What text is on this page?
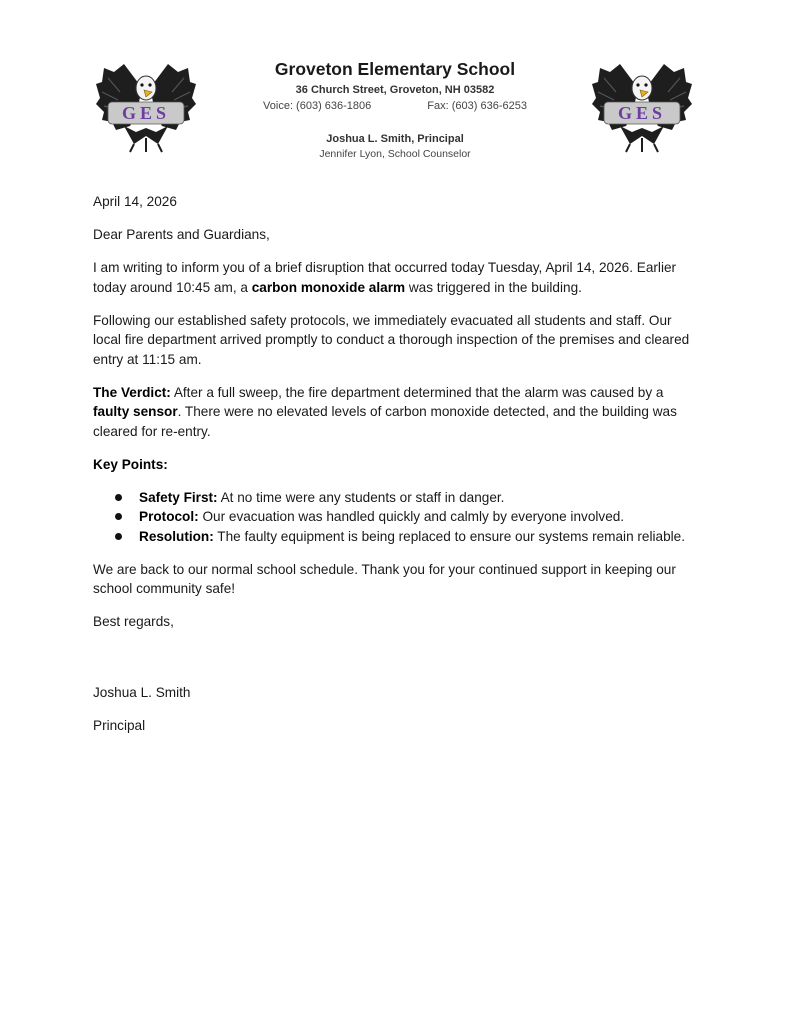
GES
Groveton Elementary School
36 Church Street, Groveton, NH 03582
Voice: (603) 636-1806	Fax: (603) 636-6253
Joshua L. Smith, Principal
Jennifer Lyon, School Counselor
GES

April 14, 2026

Dear Parents and Guardians,

I am writing to inform you of a brief disruption that occurred today Tuesday, April 14, 2026. Earlier today around 10:45 am, a carbon monoxide alarm was triggered in the building.

Following our established safety protocols, we immediately evacuated all students and staff. Our local fire department arrived promptly to conduct a thorough inspection of the premises and cleared entry at 11:15 am.

The Verdict: After a full sweep, the fire department determined that the alarm was caused by a faulty sensor. There were no elevated levels of carbon monoxide detected, and the building was cleared for re-entry.

Key Points:

Safety First: At no time were any students or staff in danger.
Protocol: Our evacuation was handled quickly and calmly by everyone involved.
Resolution: The faulty equipment is being replaced to ensure our systems remain reliable.

We are back to our normal school schedule. Thank you for your continued support in keeping our school community safe!

Best regards,

Joshua L. Smith

Principal
